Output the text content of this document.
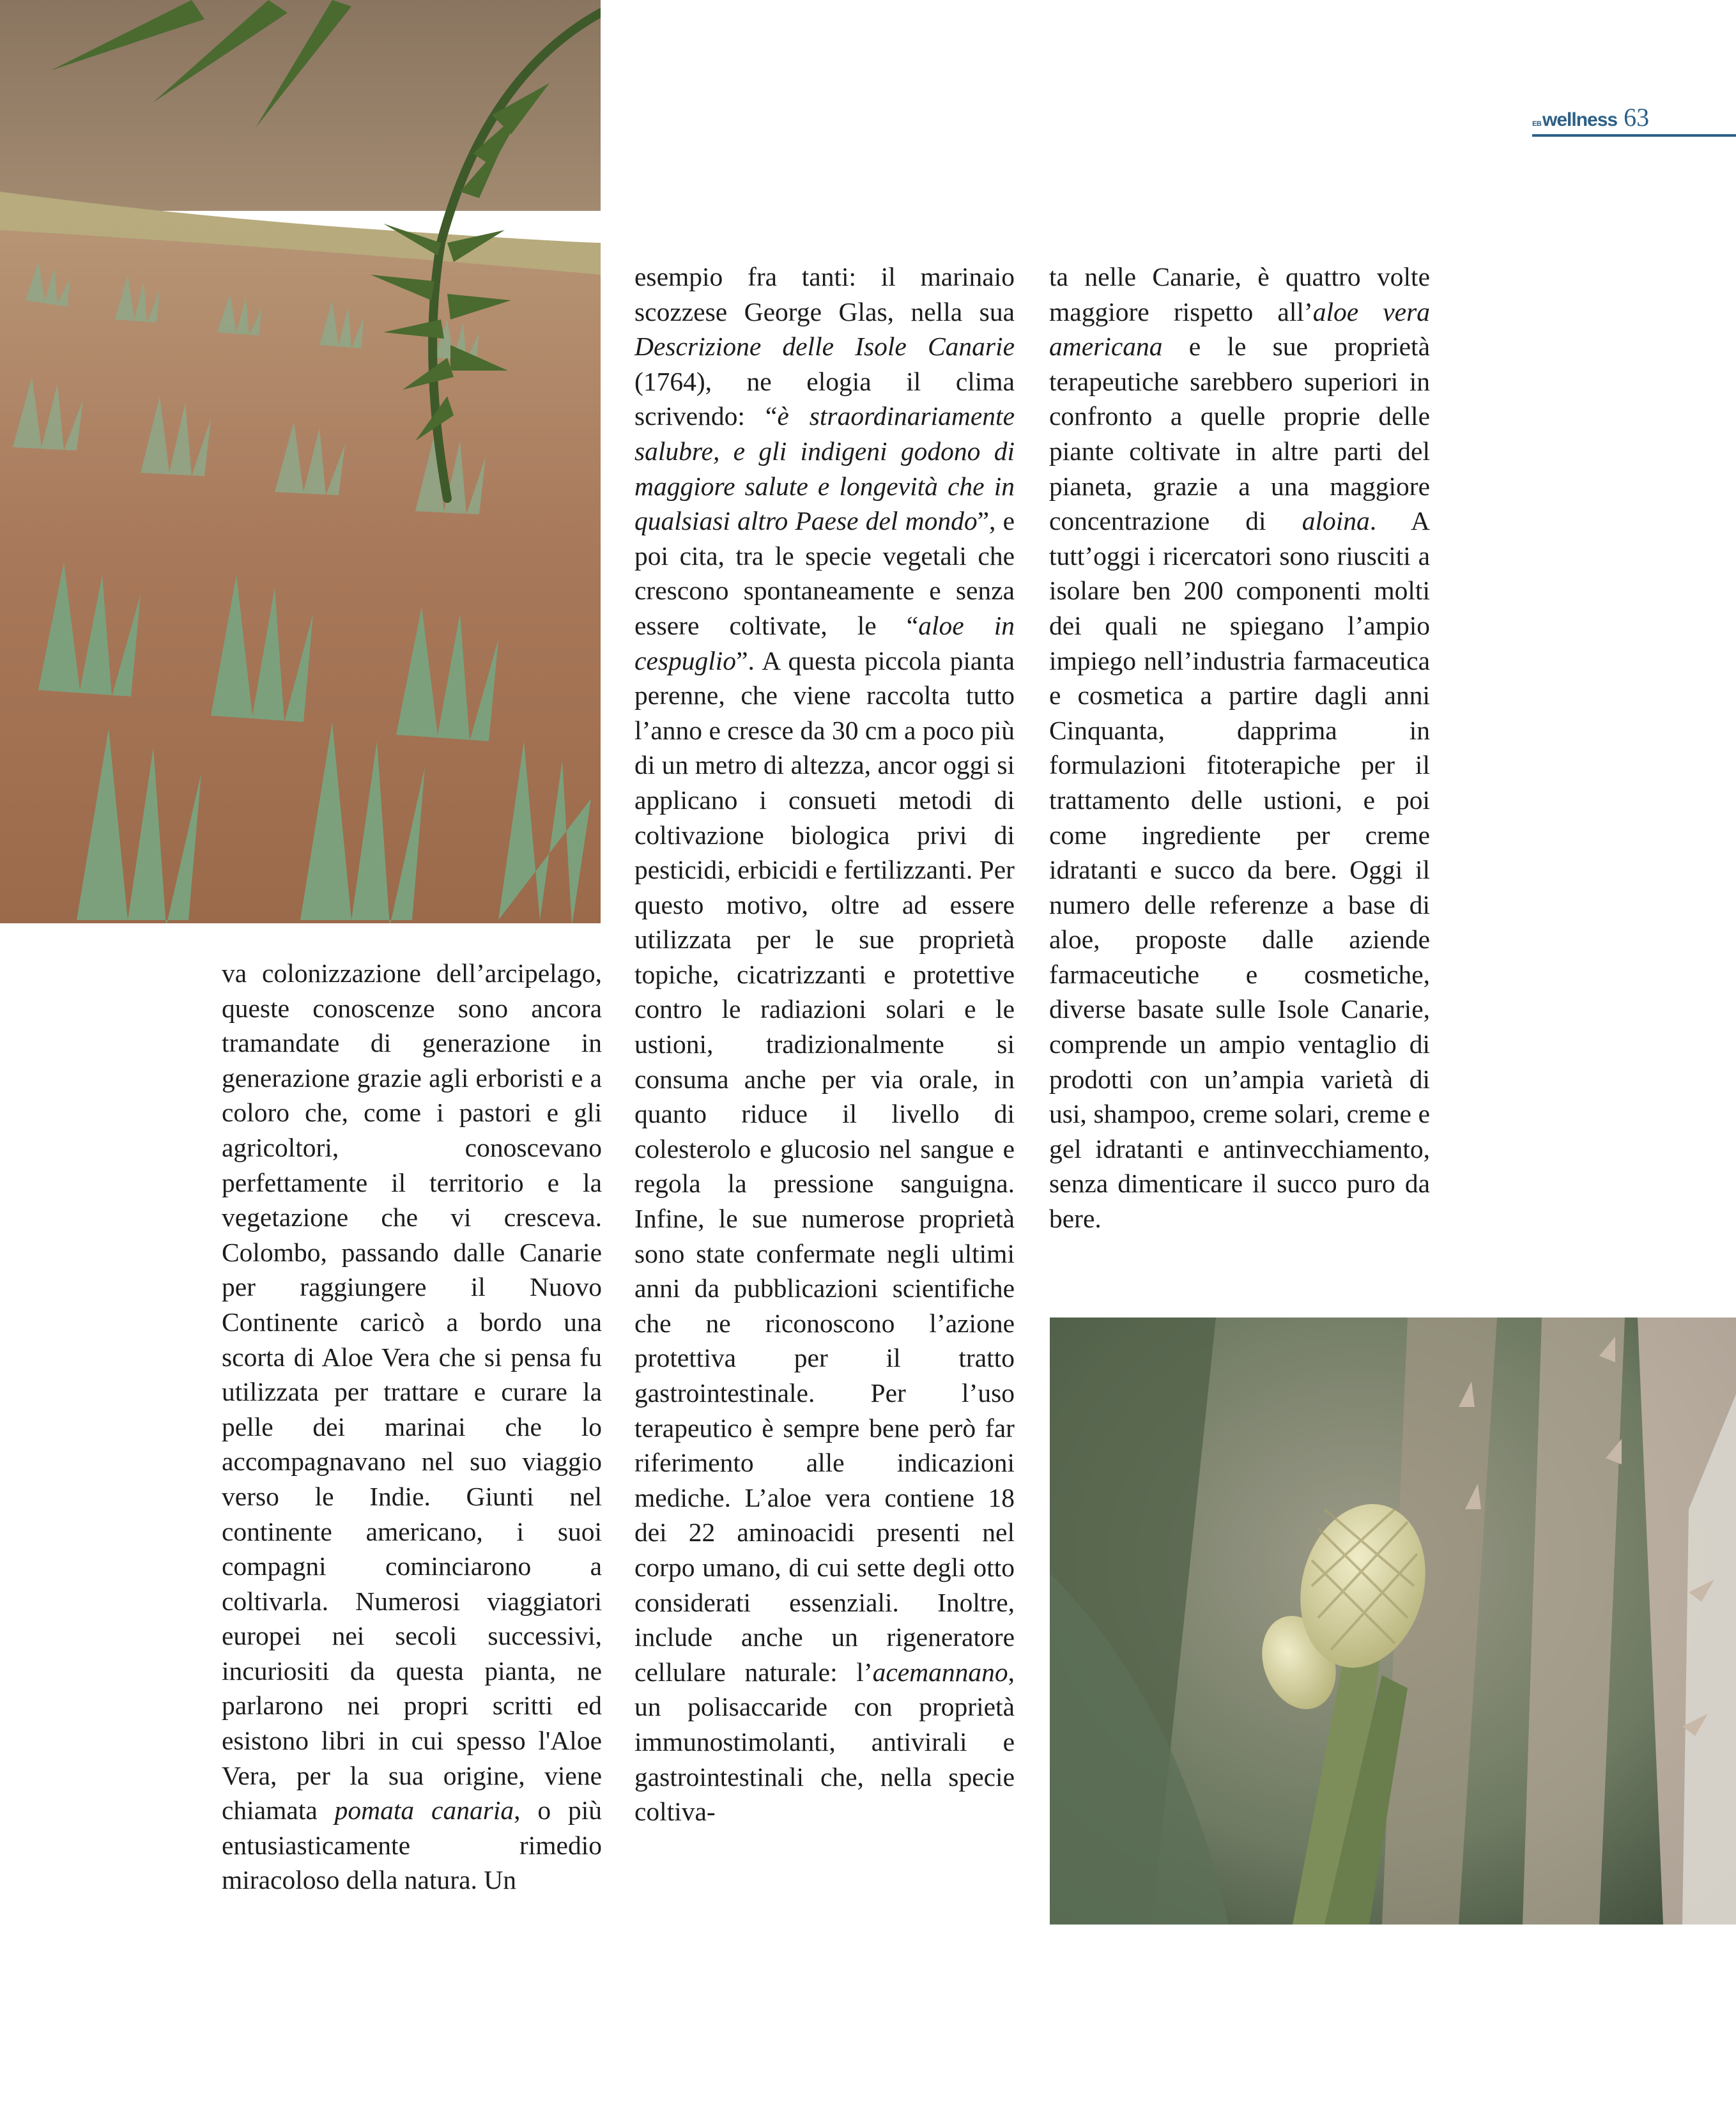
EB wellness 63

va colonizzazione dell’arcipelago, queste conoscenze sono ancora tramandate di generazione in generazione grazie agli erboristi e a coloro che, come i pastori e gli agricoltori, conoscevano perfettamente il territorio e la vegetazione che vi cresceva. Colombo, passando dalle Canarie per raggiungere il Nuovo Continente caricò a bordo una scorta di Aloe Vera che si pensa fu utilizzata per trattare e curare la pelle dei marinai che lo accompagnavano nel suo viaggio verso le Indie. Giunti nel continente americano, i suoi compagni cominciarono a coltivarla. Numerosi viaggiatori europei nei secoli successivi, incuriositi da questa pianta, ne parlarono nei propri scritti ed esistono libri in cui spesso l'Aloe Vera, per la sua origine, viene chiamata pomata canaria, o più entusiasticamente rimedio miracoloso della natura. Un

esempio fra tanti: il marinaio scozzese George Glas, nella sua Descrizione delle Isole Canarie (1764), ne elogia il clima scrivendo: “è straordinariamente salubre, e gli indigeni godono di maggiore salute e longevità che in qualsiasi altro Paese del mondo”, e poi cita, tra le specie vegetali che crescono spontaneamente e senza essere coltivate, le “aloe in cespuglio”. A questa piccola pianta perenne, che viene raccolta tutto l’anno e cresce da 30 cm a poco più di un metro di altezza, ancor oggi si applicano i consueti metodi di coltivazione biologica privi di pesticidi, erbicidi e fertilizzanti. Per questo motivo, oltre ad essere utilizzata per le sue proprietà topiche, cicatrizzanti e protettive contro le radiazioni solari e le ustioni, tradizionalmente si consuma anche per via orale, in quanto riduce il livello di colesterolo e glucosio nel sangue e regola la pressione sanguigna. Infine, le sue numerose proprietà sono state confermate negli ultimi anni da pubblicazioni scientifiche che ne riconoscono l’azione protettiva per il tratto gastrointestinale. Per l’uso terapeutico è sempre bene però far riferimento alle indicazioni mediche. L’aloe vera contiene 18 dei 22 aminoacidi presenti nel corpo umano, di cui sette degli otto considerati essenziali. Inoltre, include anche un rigeneratore cellulare naturale: l’acemannano, un polisaccaride con proprietà immunostimolanti, antivirali e gastrointestinali che, nella specie coltiva-

ta nelle Canarie, è quattro volte maggiore rispetto all’aloe vera americana e le sue proprietà terapeutiche sarebbero superiori in confronto a quelle proprie delle piante coltivate in altre parti del pianeta, grazie a una maggiore concentrazione di aloina. A tutt’oggi i ricercatori sono riusciti a isolare ben 200 componenti molti dei quali ne spiegano l’ampio impiego nell’industria farmaceutica e cosmetica a partire dagli anni Cinquanta, dapprima in formulazioni fitoterapiche per il trattamento delle ustioni, e poi come ingrediente per creme idratanti e succo da bere. Oggi il numero delle referenze a base di aloe, proposte dalle aziende farmaceutiche e cosmetiche, diverse basate sulle Isole Canarie, comprende un ampio ventaglio di prodotti con un’ampia varietà di usi, shampoo, creme solari, creme e gel idratanti e antinvecchiamento, senza dimenticare il succo puro da bere.
